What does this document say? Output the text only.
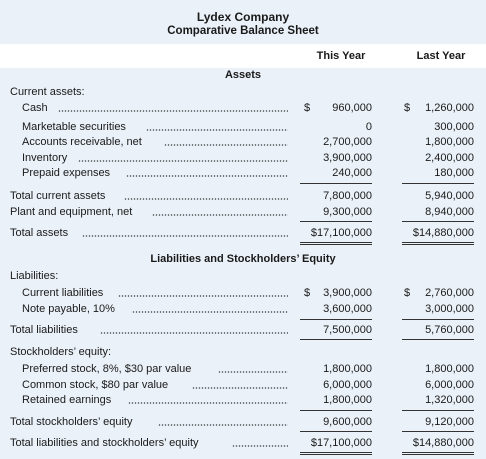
Lydex Company
Comparative Balance Sheet
This Year	Last Year
Assets
Current assets:
Cash	$	960,000	$	1,260,000
Marketable securities	0	300,000
Accounts receivable, net	2,700,000	1,800,000
Inventory	3,900,000	2,400,000
Prepaid expenses	240,000	180,000
Total current assets	7,800,000	5,940,000
Plant and equipment, net	9,300,000	8,940,000
Total assets	$17,100,000	$14,880,000
Liabilities and Stockholders’ Equity
Liabilities:
Current liabilities	$	3,900,000	$	2,760,000
Note payable, 10%	3,600,000	3,000,000
Total liabilities	7,500,000	5,760,000
Stockholders’ equity:
Preferred stock, 8%, $30 par value	1,800,000	1,800,000
Common stock, $80 par value	6,000,000	6,000,000
Retained earnings	1,800,000	1,320,000
Total stockholders’ equity	9,600,000	9,120,000
Total liabilities and stockholders’ equity	$17,100,000	$14,880,000
